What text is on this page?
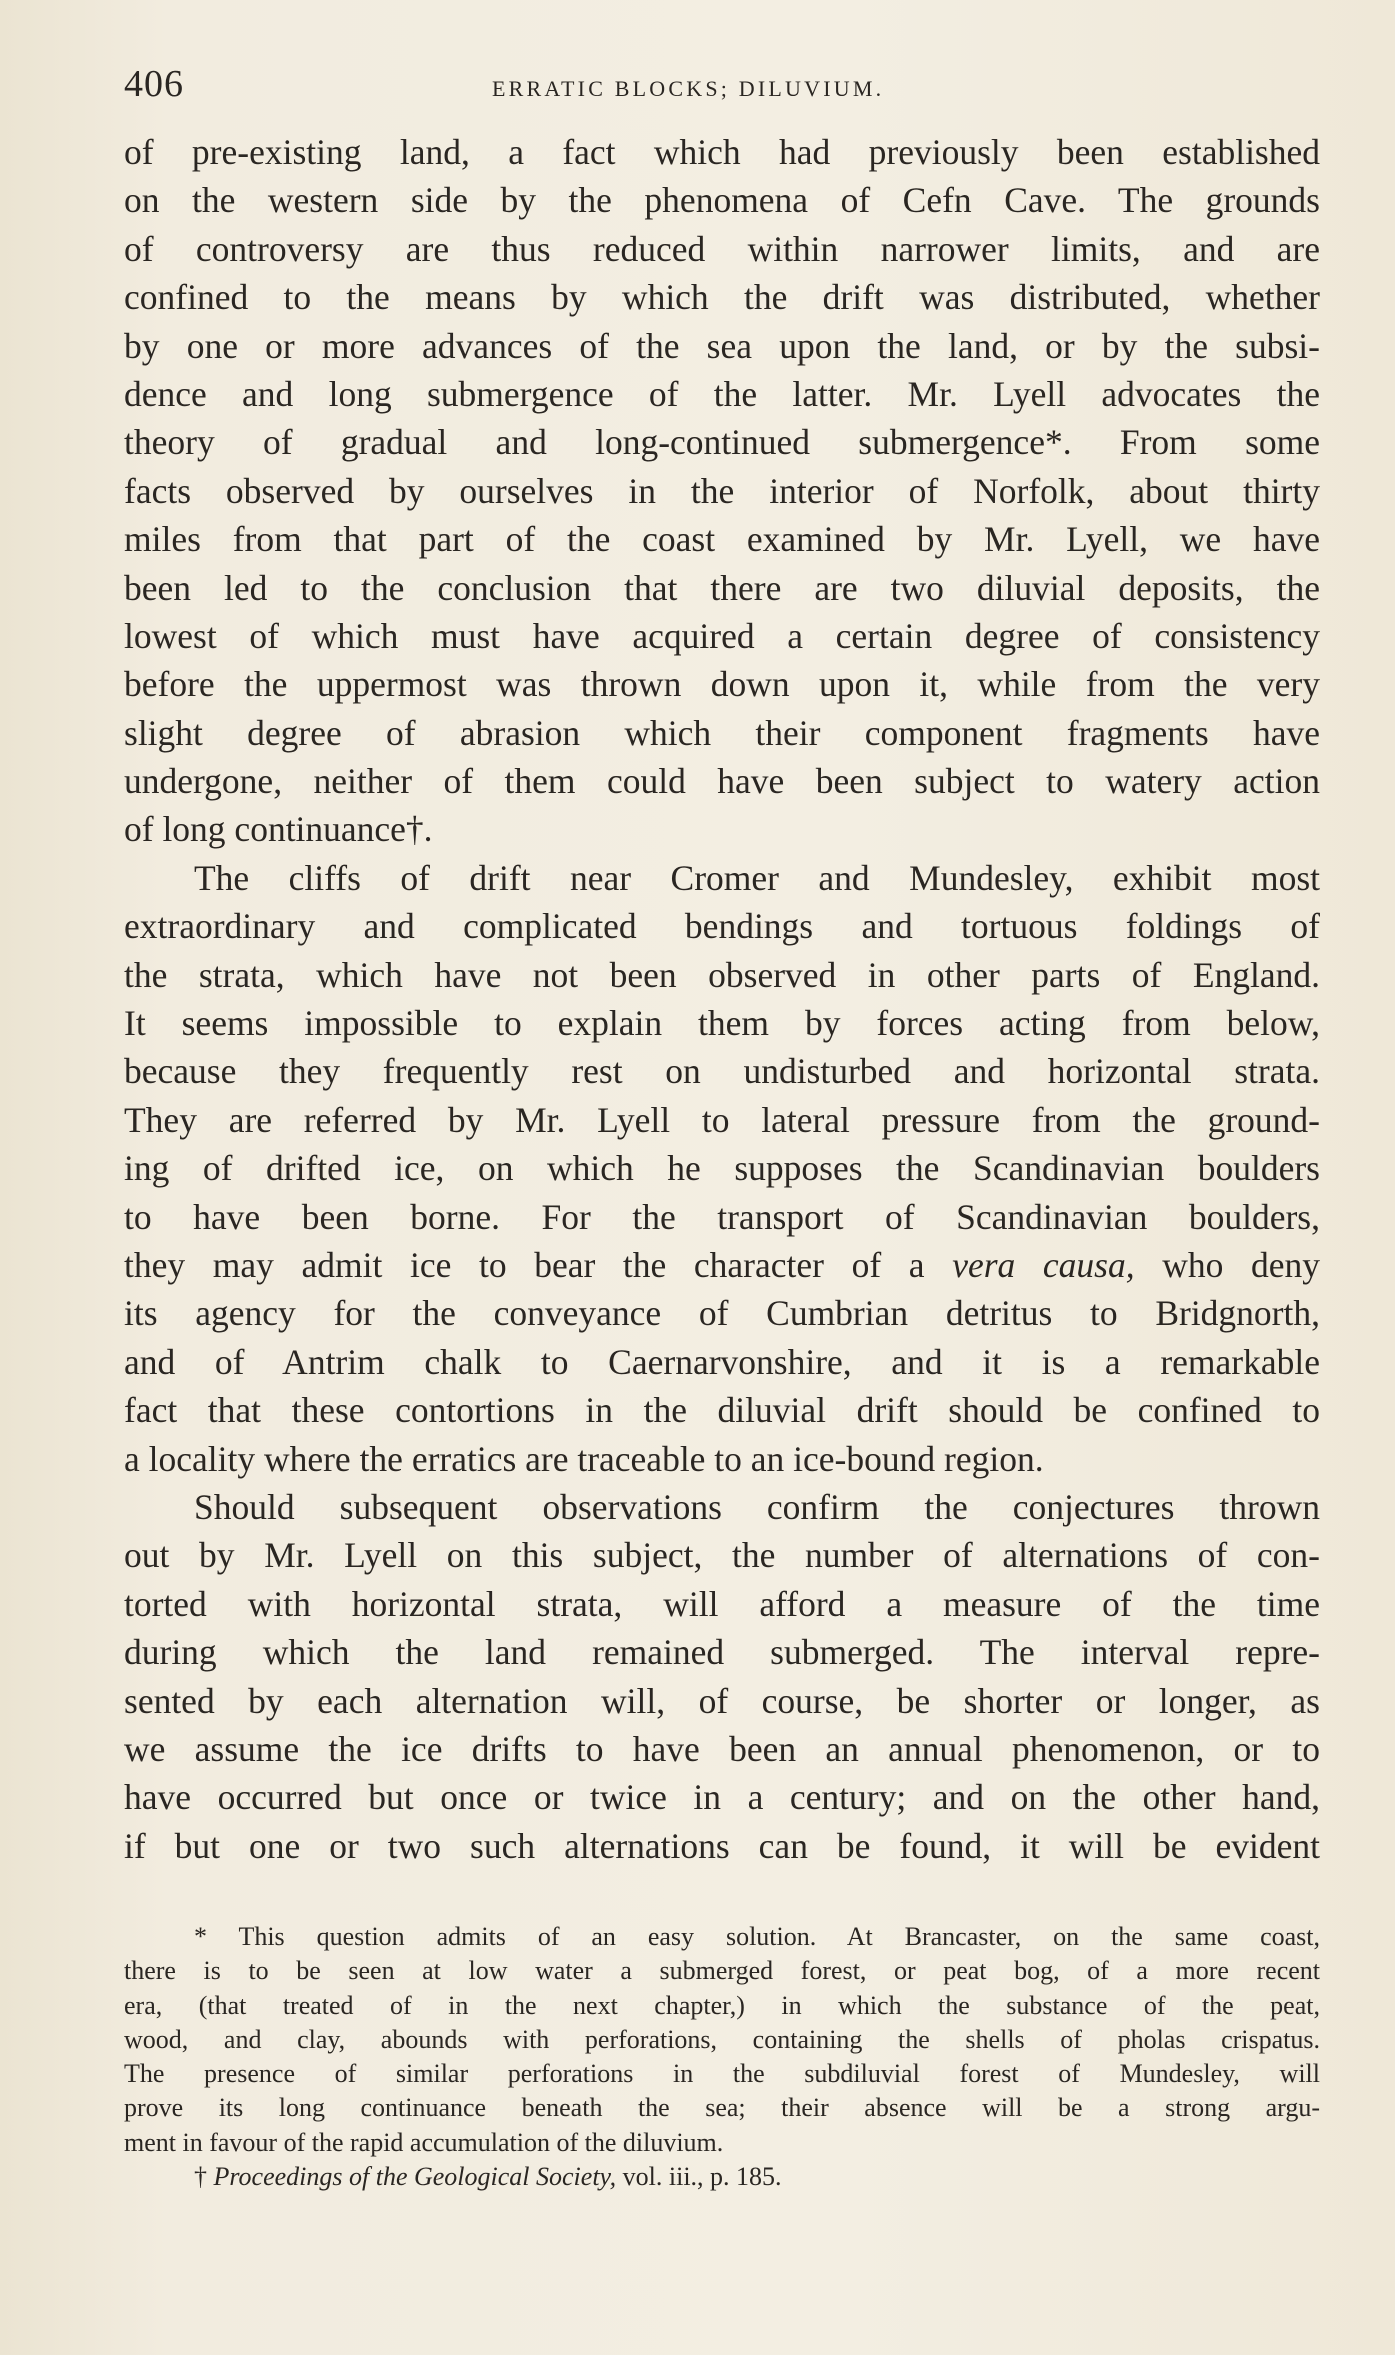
406	ERRATIC BLOCKS; DILUVIUM.
of pre-existing land, a fact which had previously been established
on the western side by the phenomena of Cefn Cave. The grounds
of controversy are thus reduced within narrower limits, and are
confined to the means by which the drift was distributed, whether
by one or more advances of the sea upon the land, or by the subsi-
dence and long submergence of the latter. Mr. Lyell advocates the
theory of gradual and long-continued submergence*. From some
facts observed by ourselves in the interior of Norfolk, about thirty
miles from that part of the coast examined by Mr. Lyell, we have
been led to the conclusion that there are two diluvial deposits, the
lowest of which must have acquired a certain degree of consistency
before the uppermost was thrown down upon it, while from the very
slight degree of abrasion which their component fragments have
undergone, neither of them could have been subject to watery action
of long continuance†.
The cliffs of drift near Cromer and Mundesley, exhibit most
extraordinary and complicated bendings and tortuous foldings of
the strata, which have not been observed in other parts of England.
It seems impossible to explain them by forces acting from below,
because they frequently rest on undisturbed and horizontal strata.
They are referred by Mr. Lyell to lateral pressure from the ground-
ing of drifted ice, on which he supposes the Scandinavian boulders
to have been borne. For the transport of Scandinavian boulders,
they may admit ice to bear the character of a vera causa, who deny
its agency for the conveyance of Cumbrian detritus to Bridgnorth,
and of Antrim chalk to Caernarvonshire, and it is a remarkable
fact that these contortions in the diluvial drift should be confined to
a locality where the erratics are traceable to an ice-bound region.
Should subsequent observations confirm the conjectures thrown
out by Mr. Lyell on this subject, the number of alternations of con-
torted with horizontal strata, will afford a measure of the time
during which the land remained submerged. The interval repre-
sented by each alternation will, of course, be shorter or longer, as
we assume the ice drifts to have been an annual phenomenon, or to
have occurred but once or twice in a century; and on the other hand,
if but one or two such alternations can be found, it will be evident
* This question admits of an easy solution. At Brancaster, on the same coast,
there is to be seen at low water a submerged forest, or peat bog, of a more recent
era, (that treated of in the next chapter,) in which the substance of the peat,
wood, and clay, abounds with perforations, containing the shells of pholas crispatus.
The presence of similar perforations in the subdiluvial forest of Mundesley, will
prove its long continuance beneath the sea; their absence will be a strong argu-
ment in favour of the rapid accumulation of the diluvium.
† Proceedings of the Geological Society, vol. iii., p. 185.
